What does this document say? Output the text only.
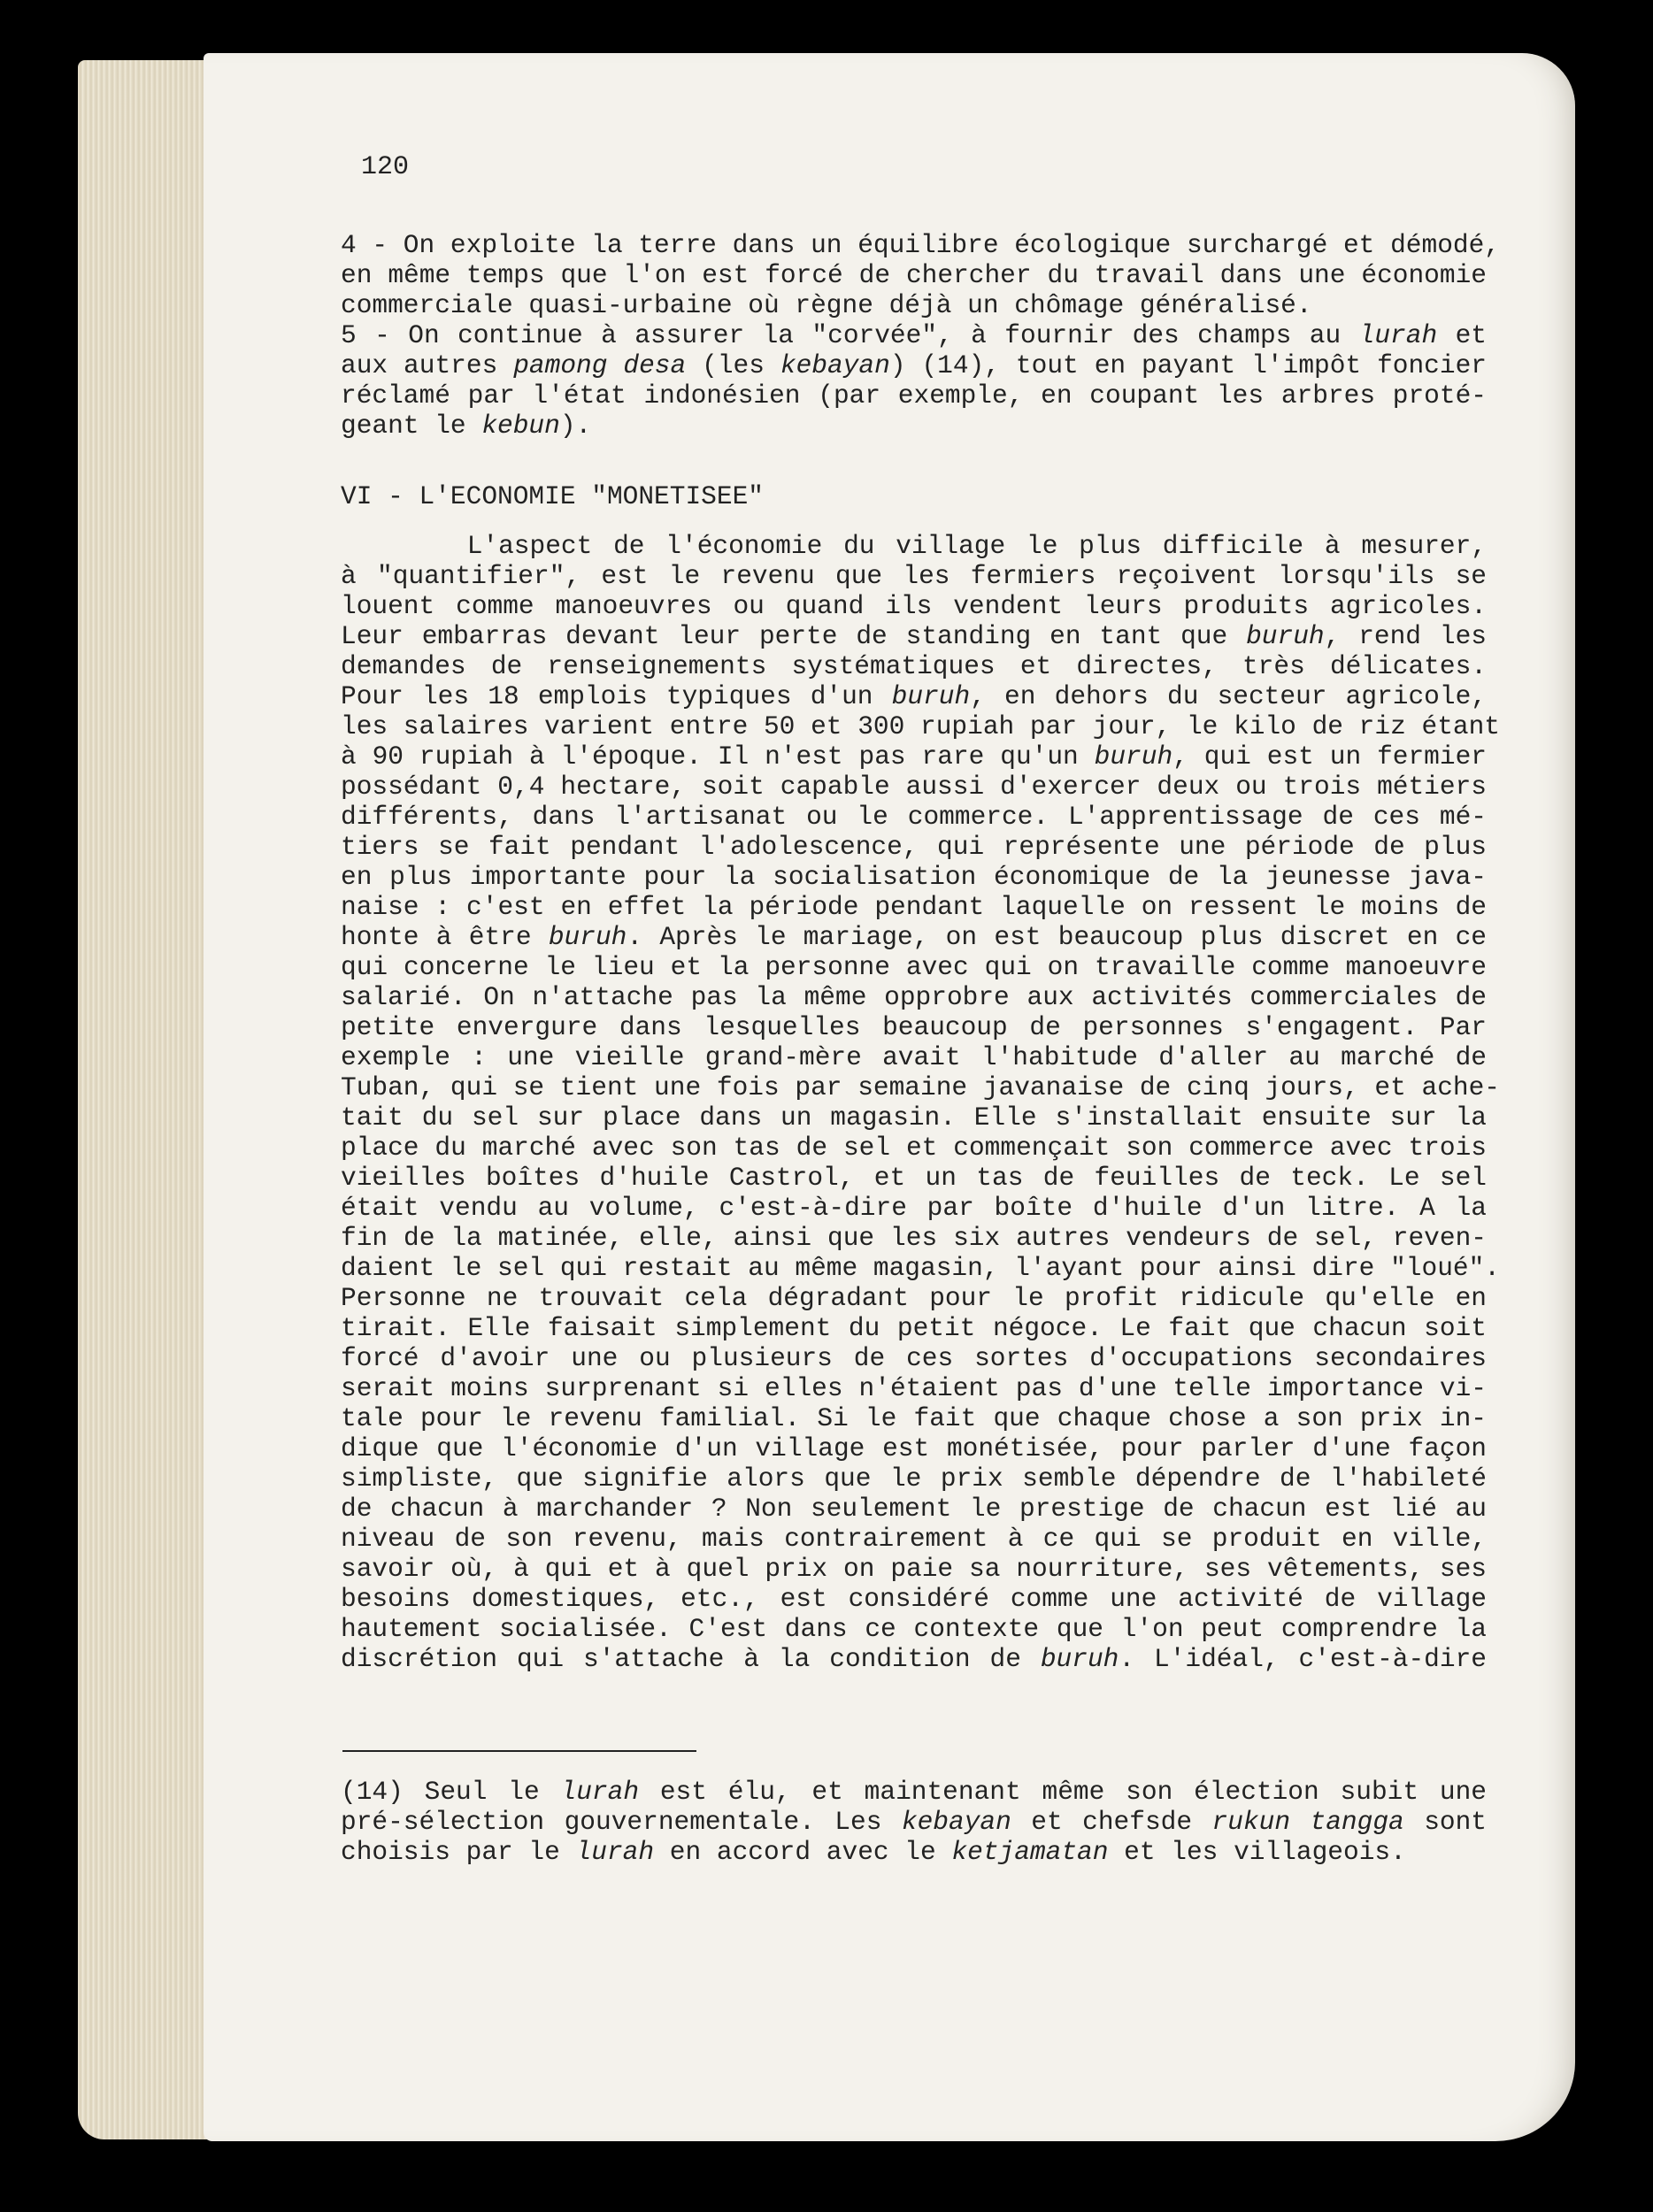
120
4 - On exploite la terre dans un équilibre écologique surchargé et démodé,
en même temps que l'on est forcé de chercher du travail dans une économie
commerciale quasi-urbaine où règne déjà un chômage généralisé.
5 - On continue à assurer la "corvée", à fournir des champs au lurah et
aux autres pamong desa (les kebayan) (14), tout en payant l'impôt foncier
réclamé par l'état indonésien (par exemple, en coupant les arbres proté-
geant le kebun).
VI - L'ECONOMIE "MONETISEE"
L'aspect de l'économie du village le plus difficile à mesurer,
à "quantifier", est le revenu que les fermiers reçoivent lorsqu'ils se
louent comme manoeuvres ou quand ils vendent leurs produits agricoles.
Leur embarras devant leur perte de standing en tant que buruh, rend les
demandes de renseignements systématiques et directes, très délicates.
Pour les 18 emplois typiques d'un buruh, en dehors du secteur agricole,
les salaires varient entre 50 et 300 rupiah par jour, le kilo de riz étant
à 90 rupiah à l'époque. Il n'est pas rare qu'un buruh, qui est un fermier
possédant 0,4 hectare, soit capable aussi d'exercer deux ou trois métiers
différents, dans l'artisanat ou le commerce. L'apprentissage de ces mé-
tiers se fait pendant l'adolescence, qui représente une période de plus
en plus importante pour la socialisation économique de la jeunesse java-
naise : c'est en effet la période pendant laquelle on ressent le moins de
honte à être buruh. Après le mariage, on est beaucoup plus discret en ce
qui concerne le lieu et la personne avec qui on travaille comme manoeuvre
salarié. On n'attache pas la même opprobre aux activités commerciales de
petite envergure dans lesquelles beaucoup de personnes s'engagent. Par
exemple : une vieille grand-mère avait l'habitude d'aller au marché de
Tuban, qui se tient une fois par semaine javanaise de cinq jours, et ache-
tait du sel sur place dans un magasin. Elle s'installait ensuite sur la
place du marché avec son tas de sel et commençait son commerce avec trois
vieilles boîtes d'huile Castrol, et un tas de feuilles de teck. Le sel
était vendu au volume, c'est-à-dire par boîte d'huile d'un litre. A la
fin de la matinée, elle, ainsi que les six autres vendeurs de sel, reven-
daient le sel qui restait au même magasin, l'ayant pour ainsi dire "loué".
Personne ne trouvait cela dégradant pour le profit ridicule qu'elle en
tirait. Elle faisait simplement du petit négoce. Le fait que chacun soit
forcé d'avoir une ou plusieurs de ces sortes d'occupations secondaires
serait moins surprenant si elles n'étaient pas d'une telle importance vi-
tale pour le revenu familial. Si le fait que chaque chose a son prix in-
dique que l'économie d'un village est monétisée, pour parler d'une façon
simpliste, que signifie alors que le prix semble dépendre de l'habileté
de chacun à marchander ? Non seulement le prestige de chacun est lié au
niveau de son revenu, mais contrairement à ce qui se produit en ville,
savoir où, à qui et à quel prix on paie sa nourriture, ses vêtements, ses
besoins domestiques, etc., est considéré comme une activité de village
hautement socialisée. C'est dans ce contexte que l'on peut comprendre la
discrétion qui s'attache à la condition de buruh. L'idéal, c'est-à-dire
(14) Seul le lurah est élu, et maintenant même son élection subit une
pré-sélection gouvernementale. Les kebayan et chefsde rukun tangga sont
choisis par le lurah en accord avec le ketjamatan et les villageois.
